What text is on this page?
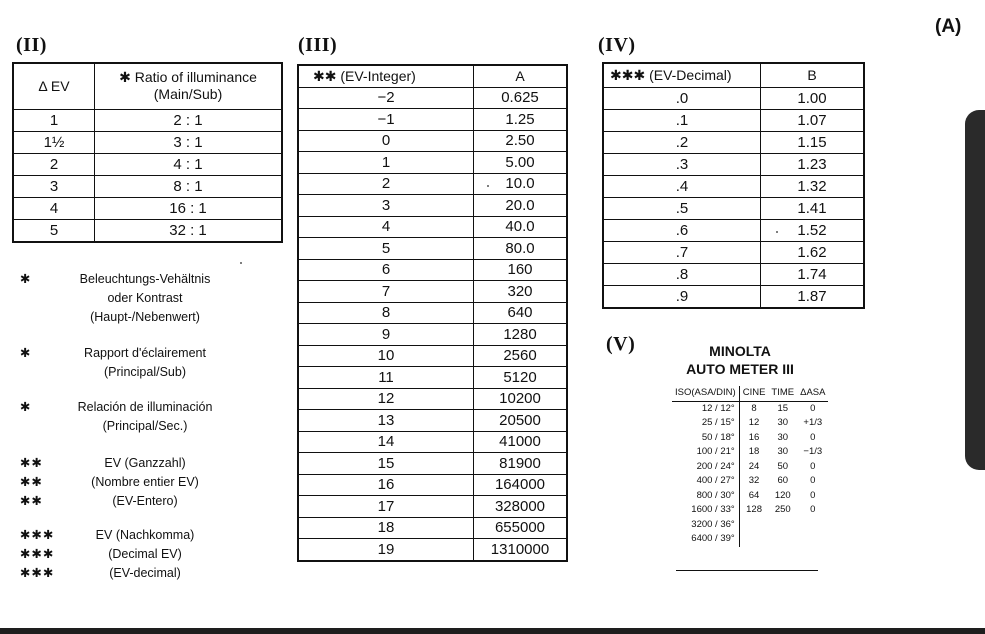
(A)
(II)
Δ EV	✱ Ratio of illuminance (Main/Sub)
1	2 : 1
1½	3 : 1
2	4 : 1
3	8 : 1
4	16 : 1
5	32 : 1
(III)
✱✱ (EV-Integer)	A
−2	0.625
−1	1.25
0	2.50
1	5.00
2	10.0
3	20.0
4	40.0
5	80.0
6	160
7	320
8	640
9	1280
10	2560
11	5120
12	10200
13	20500
14	41000
15	81900
16	164000
17	328000
18	655000
19	1310000
(IV)
✱✱✱ (EV-Decimal)	B
.0	1.00
.1	1.07
.2	1.15
.3	1.23
.4	1.32
.5	1.41
.6	1.52
.7	1.62
.8	1.74
.9	1.87
(V)	MINOLTA
AUTO METER III
ISO(ASA/DIN)	CINE	TIME	ΔASA
12 / 12°	8	15	0
25 / 15°	12	30	+1/3
50 / 18°	16	30	0
100 / 21°	18	30	−1/3
200 / 24°	24	50	0
400 / 27°	32	60	0
800 / 30°	64	120	0
1600 / 33°	128	250	0
3200 / 36°			
6400 / 39°			
✱	Beleuchtungs-Vehältnis
oder Kontrast
(Haupt-/Nebenwert)
✱	Rapport d'éclairement
(Principal/Sub)
✱	Relación de illuminación
(Principal/Sec.)
✱✱	EV (Ganzzahl)
✱✱	(Nombre entier EV)
✱✱	(EV-Entero)
✱✱✱	EV (Nachkomma)
✱✱✱	(Decimal EV)
✱✱✱	(EV-decimal)
